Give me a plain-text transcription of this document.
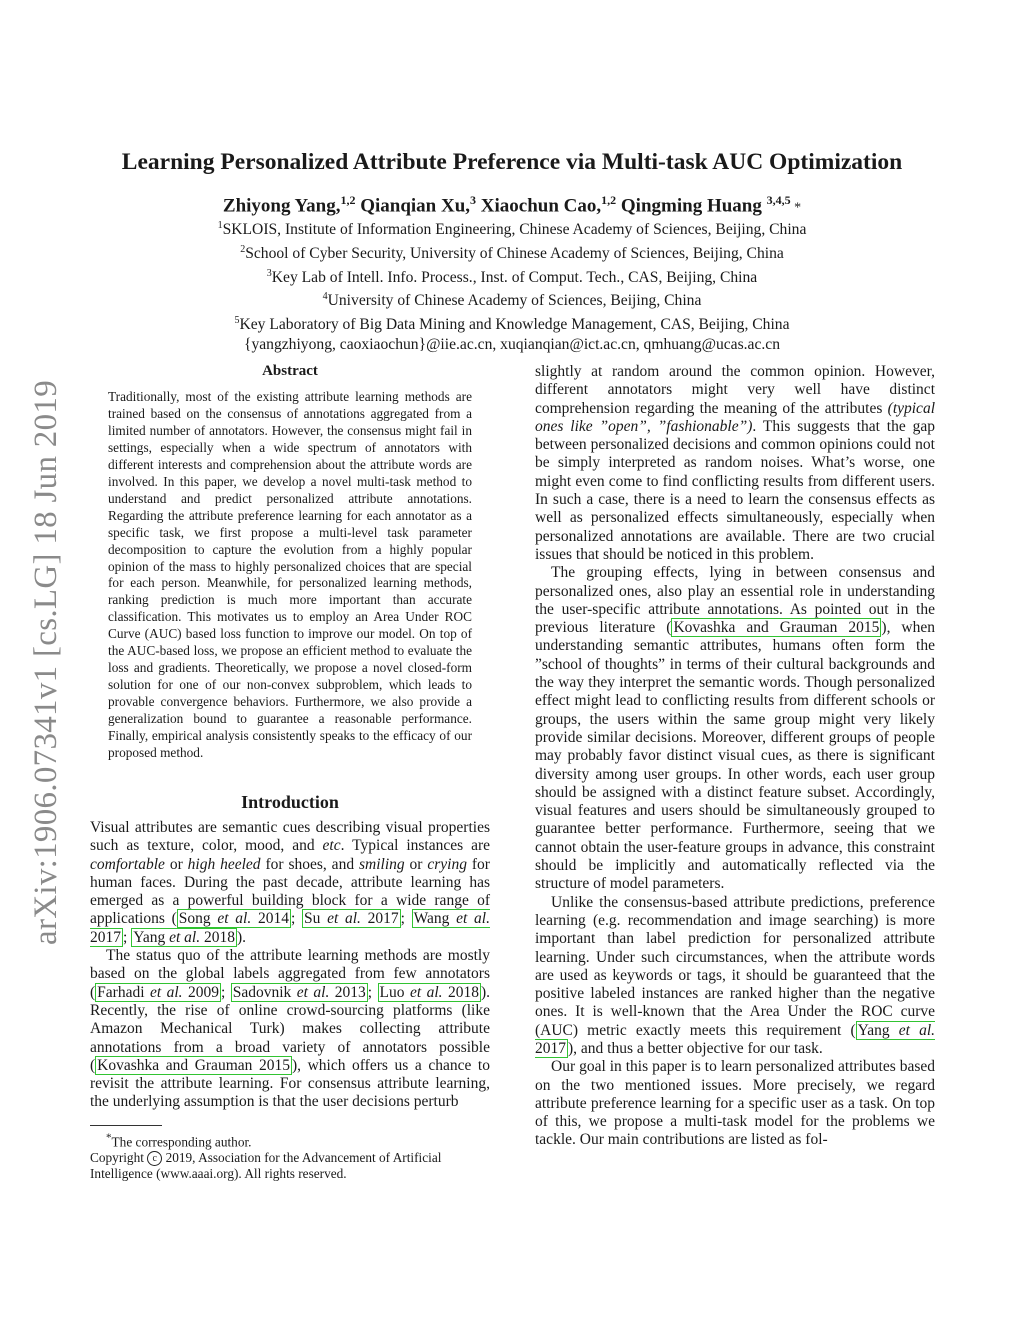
arXiv:1906.07341v1 [cs.LG] 18 Jun 2019
Learning Personalized Attribute Preference via Multi-task AUC Optimization
Zhiyong Yang,$^{1,2}$ Qianqian Xu,$^3$ Xiaochun Cao,$^{1,2}$ Qingming Huang $^{3,4,5}$ *
$^1$SKLOIS, Institute of Information Engineering, Chinese Academy of Sciences, Beijing, China
$^2$School of Cyber Security, University of Chinese Academy of Sciences, Beijing, China
$^3$Key Lab of Intell. Info. Process., Inst. of Comput. Tech., CAS, Beijing, China
$^4$University of Chinese Academy of Sciences, Beijing, China
$^5$Key Laboratory of Big Data Mining and Knowledge Management, CAS, Beijing, China
{yangzhiyong, caoxiaochun}@iie.ac.cn, xuqianqian@ict.ac.cn, qmhuang@ucas.ac.cn
Abstract

Traditionally, most of the existing attribute learning methods are trained based on the consensus of annotations aggregated from a limited number of annotators. However, the consensus might fail in settings, especially when a wide spectrum of annotators with different interests and comprehension about the attribute words are involved. In this paper, we develop a novel multi-task method to understand and predict personalized attribute annotations. Regarding the attribute preference learning for each annotator as a specific task, we first propose a multi-level task parameter decomposition to capture the evolution from a highly popular opinion of the mass to highly personalized choices that are special for each person. Meanwhile, for personalized learning methods, ranking prediction is much more important than accurate classification. This motivates us to employ an Area Under ROC Curve (AUC) based loss function to improve our model. On top of the AUC-based loss, we propose an efficient method to evaluate the loss and gradients. Theoretically, we propose a novel closed-form solution for one of our non-convex subproblem, which leads to provable convergence behaviors. Furthermore, we also provide a generalization bound to guarantee a reasonable performance. Finally, empirical analysis consistently speaks to the efficacy of our proposed method.

Introduction

Visual attributes are semantic cues describing visual properties such as texture, color, mood, and etc. Typical instances are comfortable or high heeled for shoes, and smiling or crying for human faces. During the past decade, attribute learning has emerged as a powerful building block for a wide range of applications ( Song et al. 2014 ; Su et al. 2017 ; Wang et al. 2017 ; Yang et al. 2018 ).

The status quo of the attribute learning methods are mostly based on the global labels aggregated from few annotators ( Farhadi et al. 2009 ; Sadovnik et al. 2013 ; Luo et al. 2018 ). Recently, the rise of online crowd-sourcing platforms (like Amazon Mechanical Turk) makes collecting attribute annotations from a broad variety of annotators possible ( Kovashka and Grauman 2015 ), which offers us a chance to revisit the attribute learning. For consensus attribute learning, the underlying assumption is that the user decisions perturb

*The corresponding author.

Copyright c 2019, Association for the Advancement of Artificial Intelligence (www.aaai.org). All rights reserved.

slightly at random around the common opinion. However, different annotators might very well have distinct comprehension regarding the meaning of the attributes (typical ones like ”open”, ”fashionable”). This suggests that the gap between personalized decisions and common opinions could not be simply interpreted as random noises. What’s worse, one might even come to find conflicting results from different users. In such a case, there is a need to learn the consensus effects as well as personalized effects simultaneously, especially when personalized annotations are available. There are two crucial issues that should be noticed in this problem.

The grouping effects, lying in between consensus and personalized ones, also play an essential role in understanding the user-specific attribute annotations. As pointed out in the previous literature ( Kovashka and Grauman 2015 ), when understanding semantic attributes, humans often form the ”school of thoughts” in terms of their cultural backgrounds and the way they interpret the semantic words. Though personalized effect might lead to conflicting results from different schools or groups, the users within the same group might very likely provide similar decisions. Moreover, different groups of people may probably favor distinct visual cues, as there is significant diversity among user groups. In other words, each user group should be assigned with a distinct feature subset. Accordingly, visual features and users should be simultaneously grouped to guarantee better performance. Furthermore, seeing that we cannot obtain the user-feature groups in advance, this constraint should be implicitly and automatically reflected via the structure of model parameters.

Unlike the consensus-based attribute predictions, preference learning (e.g. recommendation and image searching) is more important than label prediction for personalized attribute learning. Under such circumstances, when the attribute words are used as keywords or tags, it should be guaranteed that the positive labeled instances are ranked higher than the negative ones. It is well-known that the Area Under the ROC curve (AUC) metric exactly meets this requirement ( Yang et al. 2017 ), and thus a better objective for our task.

Our goal in this paper is to learn personalized attributes based on the two mentioned issues. More precisely, we regard attribute preference learning for a specific user as a task. On top of this, we propose a multi-task model for the problems we tackle. Our main contributions are listed as fol-
